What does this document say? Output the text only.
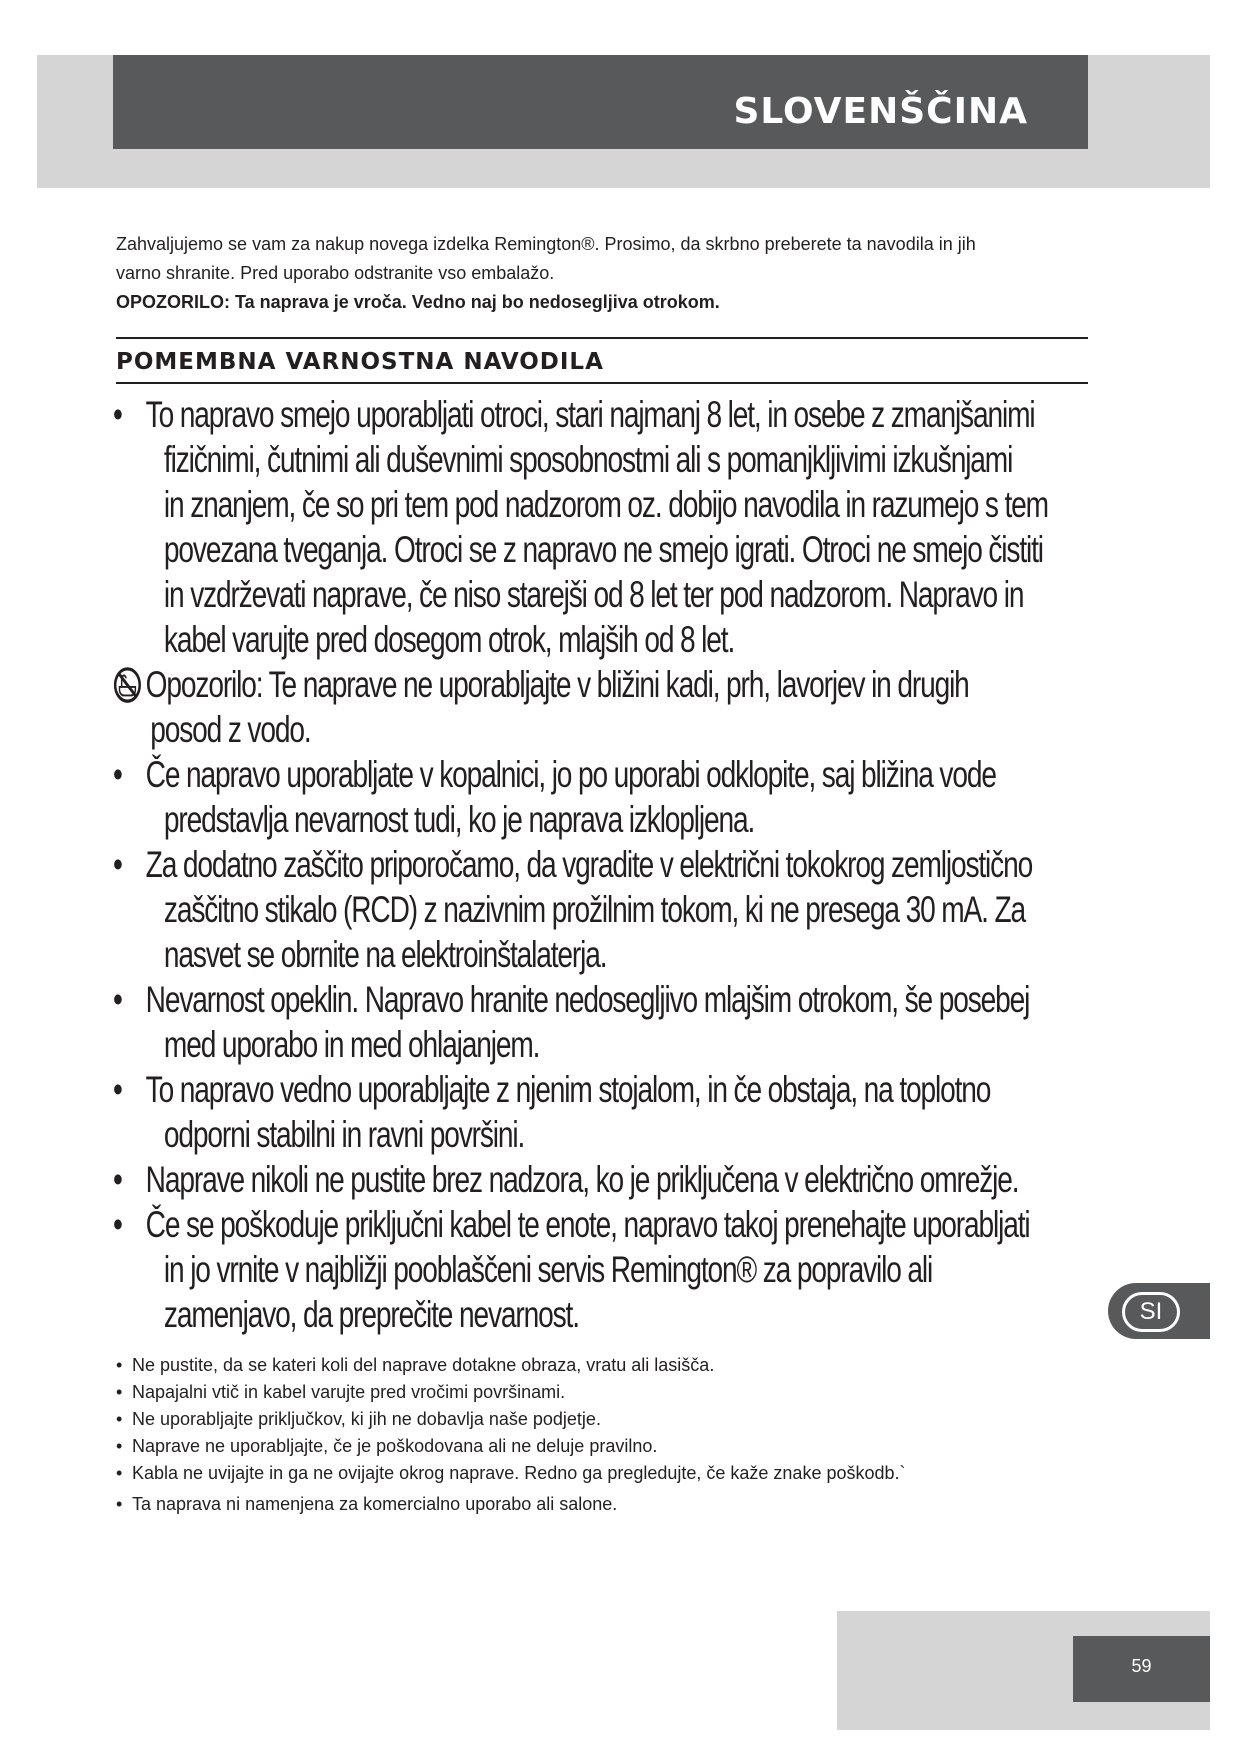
SLOVENŠČINA

Zahvaljujemo se vam za nakup novega izdelka Remington®. Prosimo, da skrbno preberete ta navodila in jih

varno shranite. Pred uporabo odstranite vso embalažo.

OPOZORILO: Ta naprava je vroča. Vedno naj bo nedosegljiva otrokom.

POMEMBNA VARNOSTNA NAVODILA
• To napravo smejo uporabljati otroci, stari najmanj 8 let, in osebe z zmanjšanimi
fizičnimi, čutnimi ali duševnimi sposobnostmi ali s pomanjkljivimi izkušnjami
in znanjem, če so pri tem pod nadzorom oz. dobijo navodila in razumejo s tem
povezana tveganja. Otroci se z napravo ne smejo igrati. Otroci ne smejo čistiti
in vzdrževati naprave, če niso starejši od 8 let ter pod nadzorom. Napravo in
kabel varujte pred dosegom otrok, mlajših od 8 let.
Opozorilo: Te naprave ne uporabljajte v bližini kadi, prh, lavorjev in drugih
posod z vodo.
• Če napravo uporabljate v kopalnici, jo po uporabi odklopite, saj bližina vode
predstavlja nevarnost tudi, ko je naprava izklopljena.
• Za dodatno zaščito priporočamo, da vgradite v električni tokokrog zemljostično
zaščitno stikalo (RCD) z nazivnim prožilnim tokom, ki ne presega 30 mA. Za
nasvet se obrnite na elektroinštalaterja.
• Nevarnost opeklin. Napravo hranite nedosegljivo mlajšim otrokom, še posebej
med uporabo in med ohlajanjem.
• To napravo vedno uporabljajte z njenim stojalom, in če obstaja, na toplotno
odporni stabilni in ravni površini.
• Naprave nikoli ne pustite brez nadzora, ko je priključena v električno omrežje.
• Če se poškoduje priključni kabel te enote, napravo takoj prenehajte uporabljati
in jo vrnite v najbližji pooblaščeni servis Remington® za popravilo ali
zamenjavo, da preprečite nevarnost.
• Ne pustite, da se kateri koli del naprave dotakne obraza, vratu ali lasišča.
• Napajalni vtič in kabel varujte pred vročimi površinami.
• Ne uporabljajte priključkov, ki jih ne dobavlja naše podjetje.
• Naprave ne uporabljajte, če je poškodovana ali ne deluje pravilno.
• Kabla ne uvijajte in ga ne ovijajte okrog naprave. Redno ga pregledujte, če kaže znake poškodb.`
• Ta naprava ni namenjena za komercialno uporabo ali salone.
SI
59
